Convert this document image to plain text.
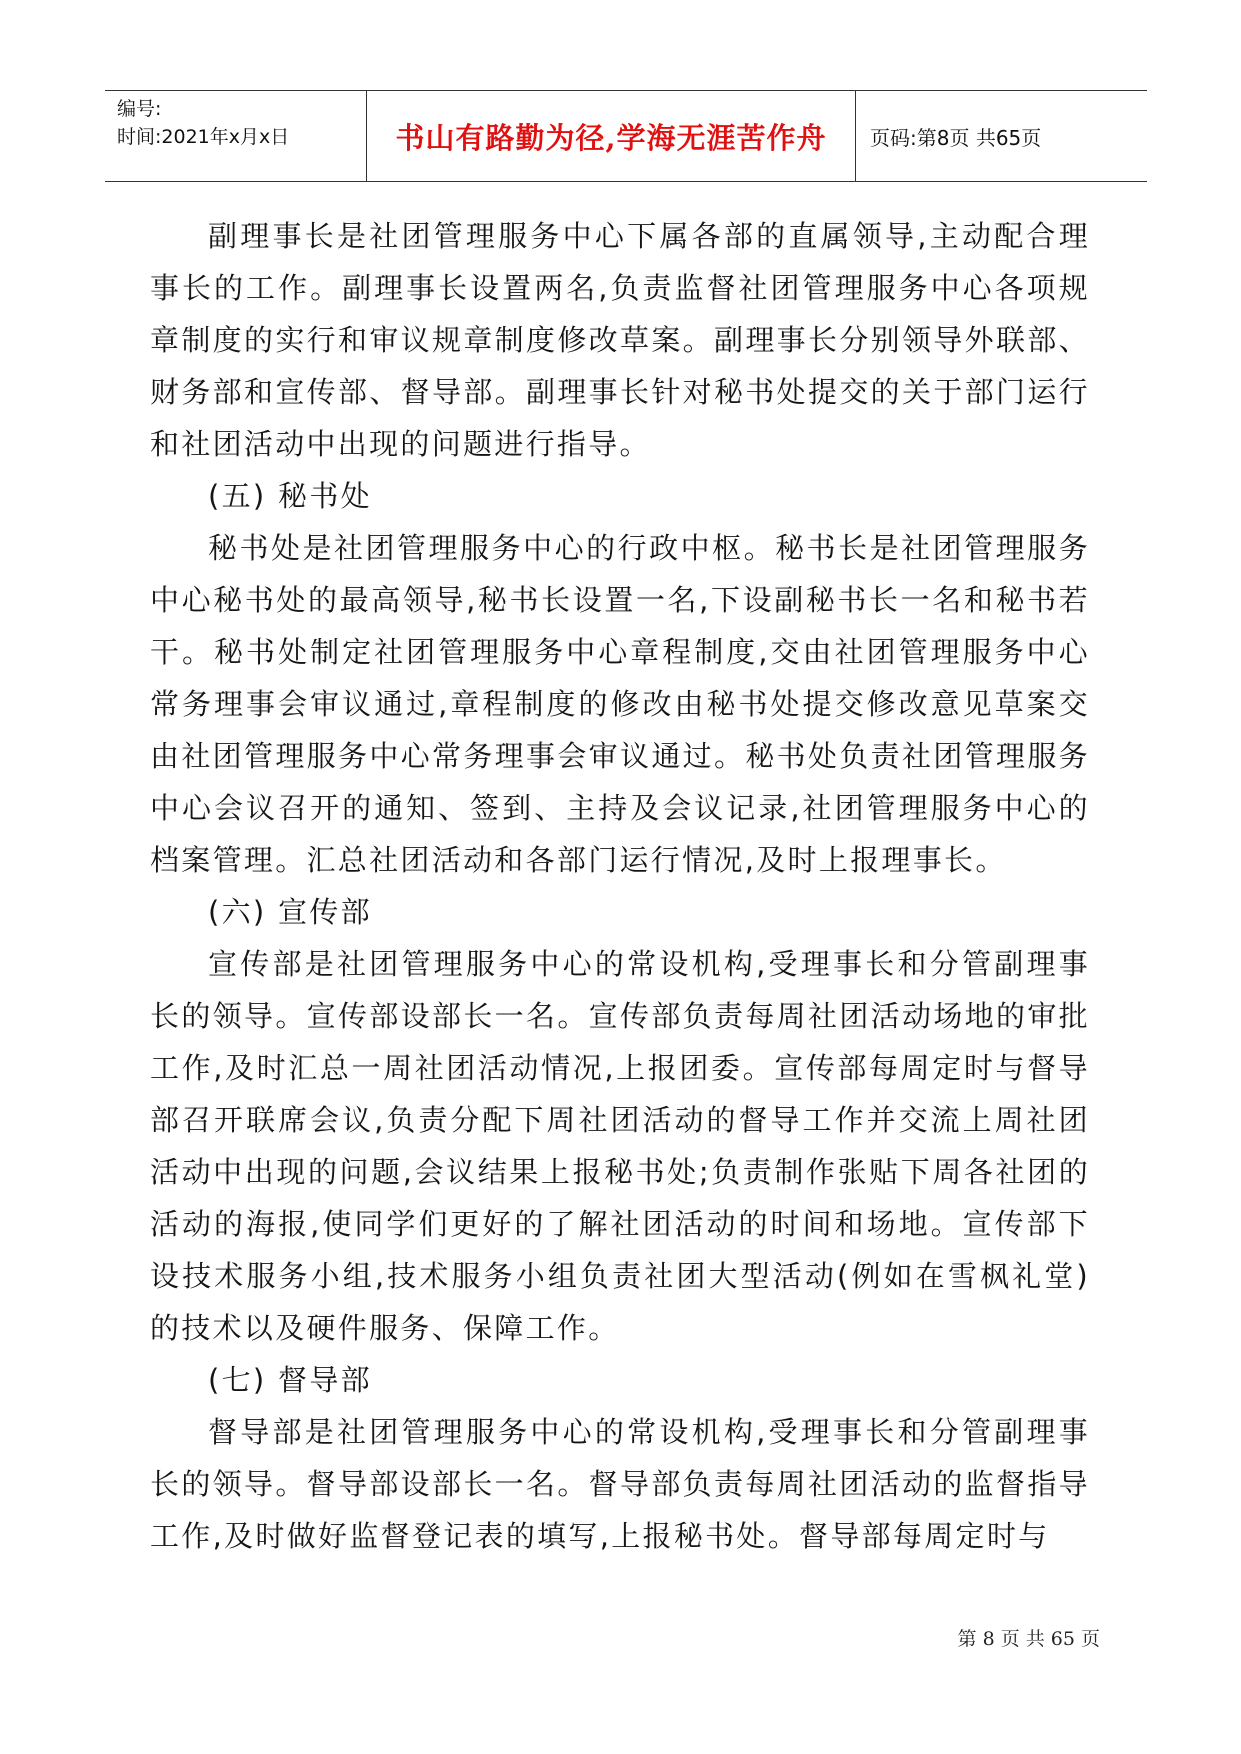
编号:
时间:2021年x月x日	书山有路勤为径,学海无涯苦作舟 页码:第8页 共65页

副理事长是社团管理服务中心下属各部的直属领导,主动配合理事长的工作。副理事长设置两名,负责监督社团管理服务中心各项规章制度的实行和审议规章制度修改草案。副理事长分别领导外联部、财务部和宣传部、督导部。副理事长针对秘书处提交的关于部门运行和社团活动中出现的问题进行指导。

(五) 秘书处

秘书处是社团管理服务中心的行政中枢。秘书长是社团管理服务中心秘书处的最高领导,秘书长设置一名,下设副秘书长一名和秘书若干。秘书处制定社团管理服务中心章程制度,交由社团管理服务中心常务理事会审议通过,章程制度的修改由秘书处提交修改意见草案交由社团管理服务中心常务理事会审议通过。秘书处负责社团管理服务中心会议召开的通知、签到、主持及会议记录,社团管理服务中心的档案管理。汇总社团活动和各部门运行情况,及时上报理事长。

(六) 宣传部

宣传部是社团管理服务中心的常设机构,受理事长和分管副理事长的领导。宣传部设部长一名。宣传部负责每周社团活动场地的审批工作,及时汇总一周社团活动情况,上报团委。宣传部每周定时与督导部召开联席会议,负责分配下周社团活动的督导工作并交流上周社团活动中出现的问题,会议结果上报秘书处;负责制作张贴下周各社团的活动的海报,使同学们更好的了解社团活动的时间和场地。宣传部下设技术服务小组,技术服务小组负责社团大型活动(例如在雪枫礼堂)的技术以及硬件服务、保障工作。

(七) 督导部

督导部是社团管理服务中心的常设机构,受理事长和分管副理事长的领导。督导部设部长一名。督导部负责每周社团活动的监督指导工作,及时做好监督登记表的填写,上报秘书处。督导部每周定时与

第 8 页 共 65 页
